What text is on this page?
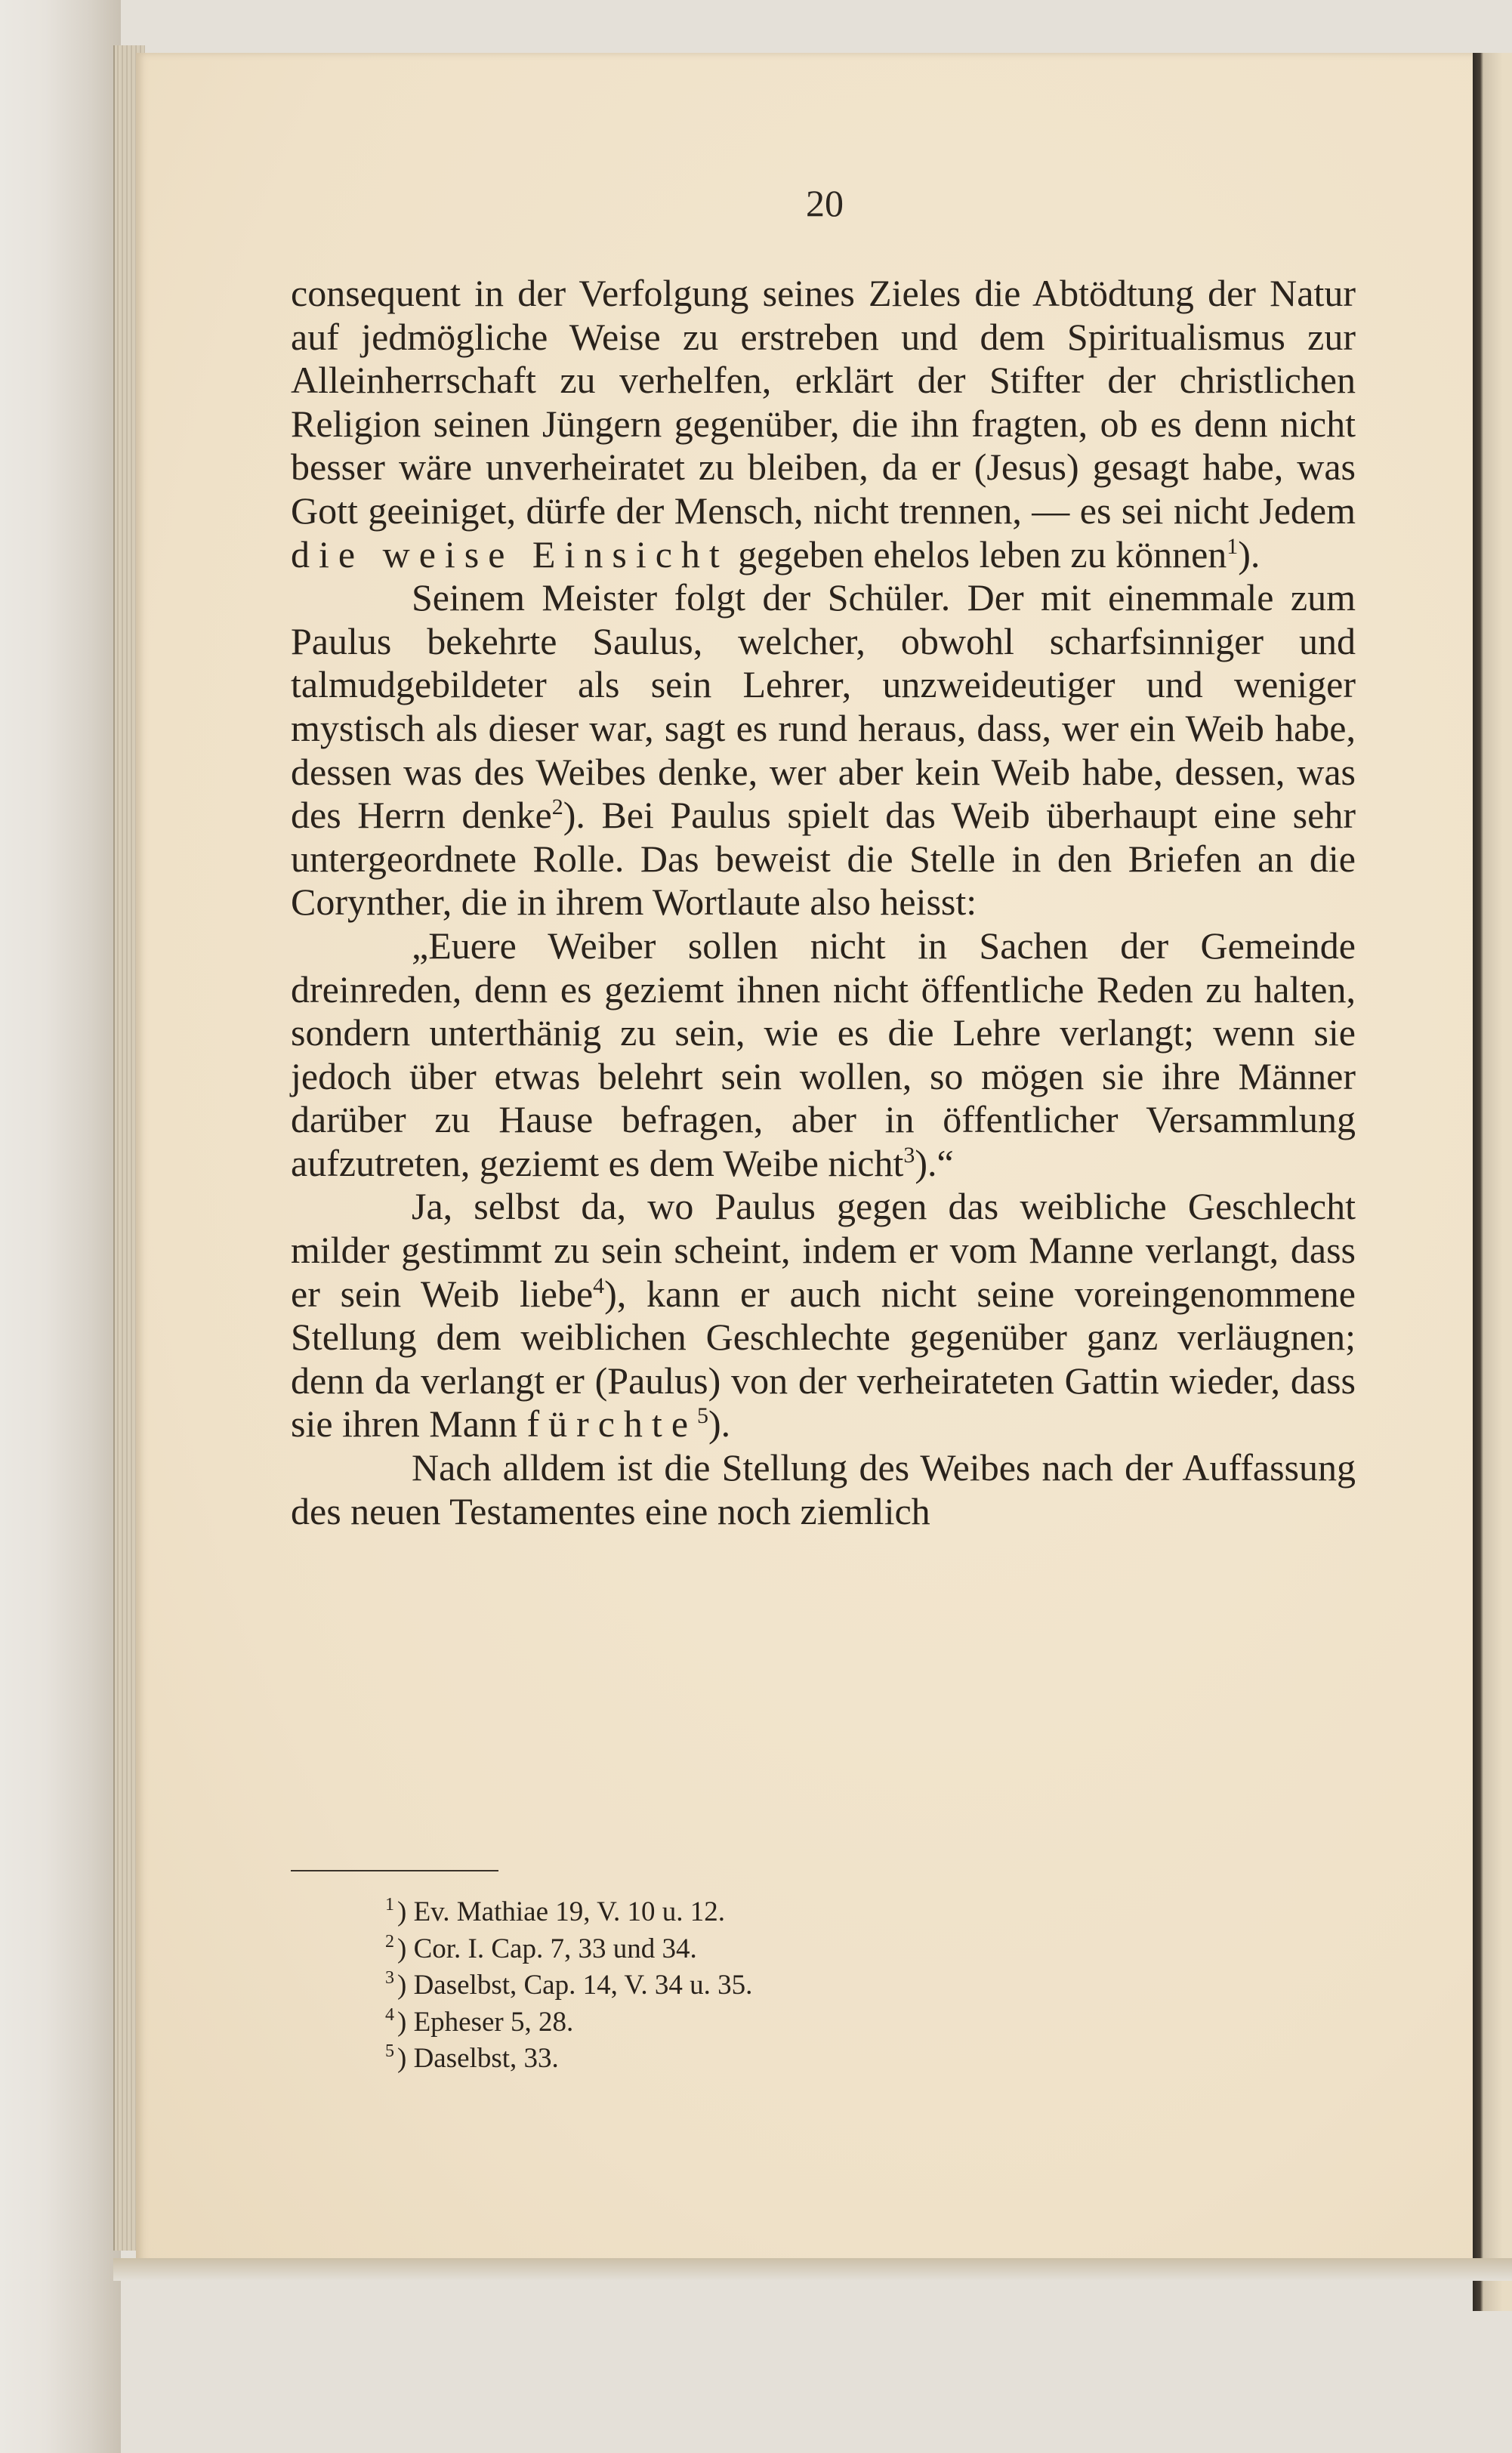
20

consequent in der Verfolgung seines Zieles die Abtödtung der Natur auf jedmögliche Weise zu erstreben und dem Spiritualismus zur Alleinherrschaft zu verhelfen, erklärt der Stifter der christlichen Religion seinen Jüngern gegenüber, die ihn fragten, ob es denn nicht besser wäre unverheiratet zu bleiben, da er (Jesus) gesagt habe, was Gott geeiniget, dürfe der Mensch, nicht trennen, — es sei nicht Jedem die weise Einsicht gegeben ehelos leben zu können$^1$).

Seinem Meister folgt der Schüler. Der mit einemmale zum Paulus bekehrte Saulus, welcher, obwohl scharfsinniger und talmudgebildeter als sein Lehrer, unzweideutiger und weniger mystisch als dieser war, sagt es rund heraus, dass, wer ein Weib habe, dessen was des Weibes denke, wer aber kein Weib habe, dessen, was des Herrn denke$^2$). Bei Paulus spielt das Weib überhaupt eine sehr untergeordnete Rolle. Das beweist die Stelle in den Briefen an die Corynther, die in ihrem Wortlaute also heisst:

„Euere Weiber sollen nicht in Sachen der Gemeinde dreinreden, denn es geziemt ihnen nicht öffentliche Reden zu halten, sondern unterthänig zu sein, wie es die Lehre verlangt; wenn sie jedoch über etwas belehrt sein wollen, so mögen sie ihre Männer darüber zu Hause befragen, aber in öffentlicher Versammlung aufzutreten, geziemt es dem Weibe nicht$^3$).“

Ja, selbst da, wo Paulus gegen das weibliche Geschlecht milder gestimmt zu sein scheint, indem er vom Manne verlangt, dass er sein Weib liebe$^4$), kann er auch nicht seine voreingenommene Stellung dem weiblichen Geschlechte gegenüber ganz verläugnen; denn da verlangt er (Paulus) von der verheirateten Gattin wieder, dass sie ihren Mann fürchte$^5$).

Nach alldem ist die Stellung des Weibes nach der Auffassung des neuen Testamentes eine noch ziemlich

$^1$ ) Ev. Mathiae 19, V. 10 u. 12.
$^2$ ) Cor. I. Cap. 7, 33 und 34.
$^3$ ) Daselbst, Cap. 14, V. 34 u. 35.
$^4$ ) Epheser 5, 28.
$^5$ ) Daselbst, 33.
